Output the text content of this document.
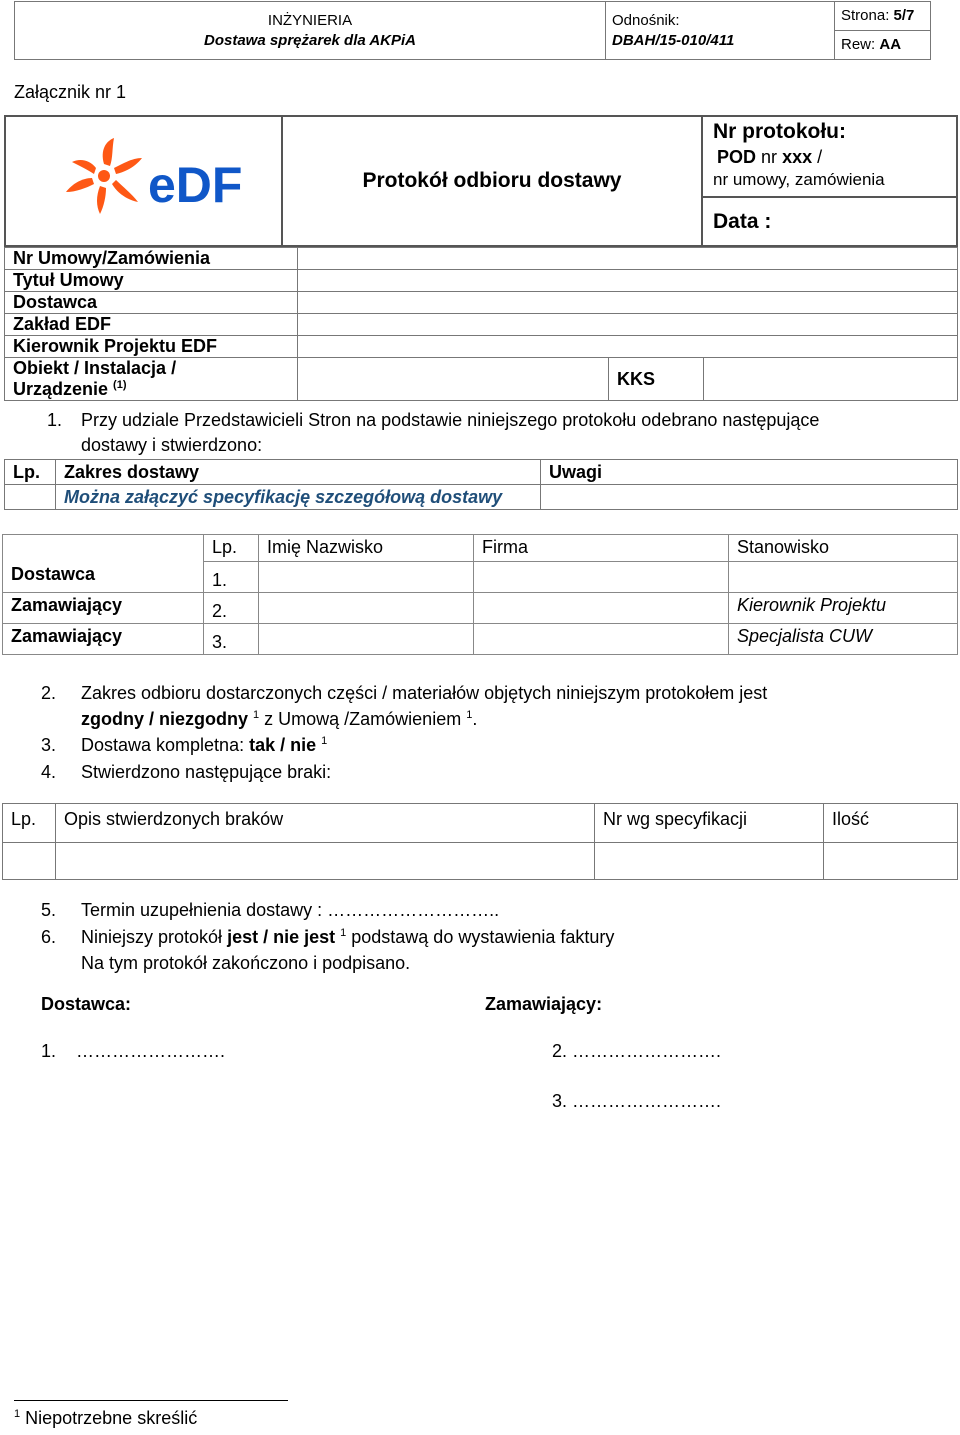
INŻYNIERIA
Dostawa sprężarek dla AKPiA

Odnośnik:
DBAH/15-010/411
	Strona: 5/7
Rew: AA
Załącznik nr 1
eDF	Protokół odbioru dostawy	
Nr protokołu:
POD nr xxx /
nr umowy, zamówienia

Data :
Nr Umowy/Zamówienia			
Tytuł Umowy			
Dostawca			
Zakład EDF			
Kierownik Projektu EDF			

Obiekt / Instalacja /
Urządzenie $^{(1)}$		KKS	
1. Przy udziale Przedstawicieli Stron na podstawie niniejszego protokołu odebrano następujące
dostawy i stwierdzono:
Lp.	Zakres dostawy	Uwagi
	Można załączyć specyfikację szczegółową dostawy	
	Lp.	Imię Nazwisko	Firma	Stanowisko
Dostawca	1.			
Zamawiający	2.			Kierownik Projektu
Zamawiający	3.			Specjalista CUW
2. Zakres odbioru dostarczonych części / materiałów objętych niniejszym protokołem jest
zgodny / niezgodny $^1$ z Umową /Zamówieniem $^1$.
3. Dostawa kompletna: tak / nie $^1$
4. Stwierdzono następujące braki:
Lp.	Opis stwierdzonych braków	Nr wg specyfikacji	Ilość

5. Termin uzupełnienia dostawy : ………………………..
6. Niniejszy protokół jest / nie jest $^1$ podstawą do wystawienia faktury
Na tym protokół zakończono i podpisano.
Dostawca:	Zamawiający:
1.    …………………….	2. …………………….
3. …………………….
$^1$ Niepotrzebne skreślić
